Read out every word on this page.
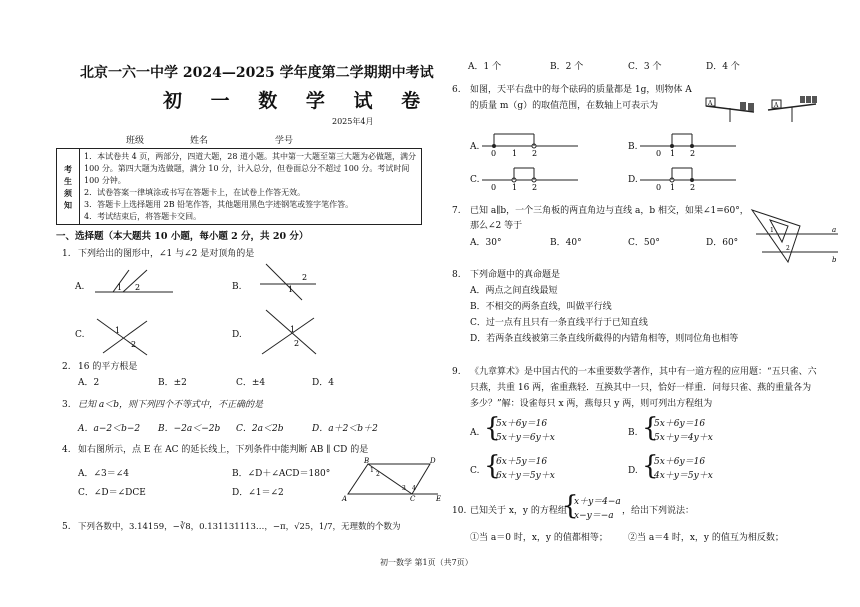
北京一六一中学 2024—2025 学年度第二学期期中考试
初 一 数 学 试 卷
2025年4月
班级	姓名	学号
考
生
须
知

1．本试卷共 4 页，两部分，四道大题，28 道小题。其中第一大题至第三大题为必做题，满分 100 分。第四大题为选做题，满分 10 分，计入总分，但卷面总分不超过 100 分。考试时间 100 分钟。
2．试卷答案一律填涂或书写在答题卡上，在试卷上作答无效。
3．答题卡上选择题用 2B 铅笔作答，其他题用黑色字迹钢笔或签字笔作答。
4．考试结束后，将答题卡交回。
一、选择题（本大题共 10 小题，每小题 2 分，共 20 分）
1. 下列给出的图形中，∠1 与∠2 是对顶角的是
A.	B.
C.	D.
1 2	1
2
1
2
1
2
2. 16 的平方根是
A．2	B．±2	C．±4	D．4
3. 已知 a＜b，则下列四个不等式中，不正确的是
A．a−2＜b−2 B．−2a＜−2b C．2a＜2b	D．a＋2＜b＋2
4. 如右图所示，点 E 在 AC 的延长线上，下列条件中能判断 AB ∥ CD 的是
A．∠3＝∠4	B．∠D＋∠ACD＝180°
C．∠D＝∠DCE	D．∠1＝∠2
B	D
A	C	E
1
2
3 4
5. 下列各数中，3.14159，−∛8，0.131131113…，−π，√25，1/7，无理数的个数为
A．1 个	B．2 个	C．3 个	D．4 个
6. 如图，天平右盘中的每个砝码的质量都是 1g，则物体 A
的质量 m（g）的取值范围，在数轴上可表示为	A	A
A.	B.
C.	D.
0 1 2	0 1 2
0 1 2	0 1 2
7. 已知 a∥b，一个三角板的两直角边与直线 a，b 相交，如果∠1=60°，
那么∠2 等于
A．30°	B．40°	C．50°	D．60°
1
2
a
b
8. 下列命题中的真命题是
A．两点之间直线最短
B．不相交的两条直线，叫做平行线
C．过一点有且只有一条直线平行于已知直线
D．若两条直线被第三条直线所截得的内错角相等，则同位角也相等
9. 《九章算术》是中国古代的一本重要数学著作，其中有一道方程的应用题：“五只雀、六
只燕，共重 16 两，雀重燕轻．互换其中一只，恰好一样重．问每只雀、燕的重量各为
多少？”解：设雀每只 x 两，燕每只 y 两，则可列出方程组为
A. {
5x＋6y＝16
5x＋y＝6y＋x	B. {
5x＋6y＝16
5x＋y＝4y＋x
C. {
6x＋5y＝16
6x＋y＝5y＋x	D. {
5x＋6y＝16
4x＋y＝5y＋x
10. 已知关于 x，y 的方程组
{
x＋y＝4−a
x−y＝−a ，给出下列说法：
①当 a＝0 时，x，y 的值都相等； ②当 a＝4 时，x，y 的值互为相反数；
初一数学 第1页（共7页）
